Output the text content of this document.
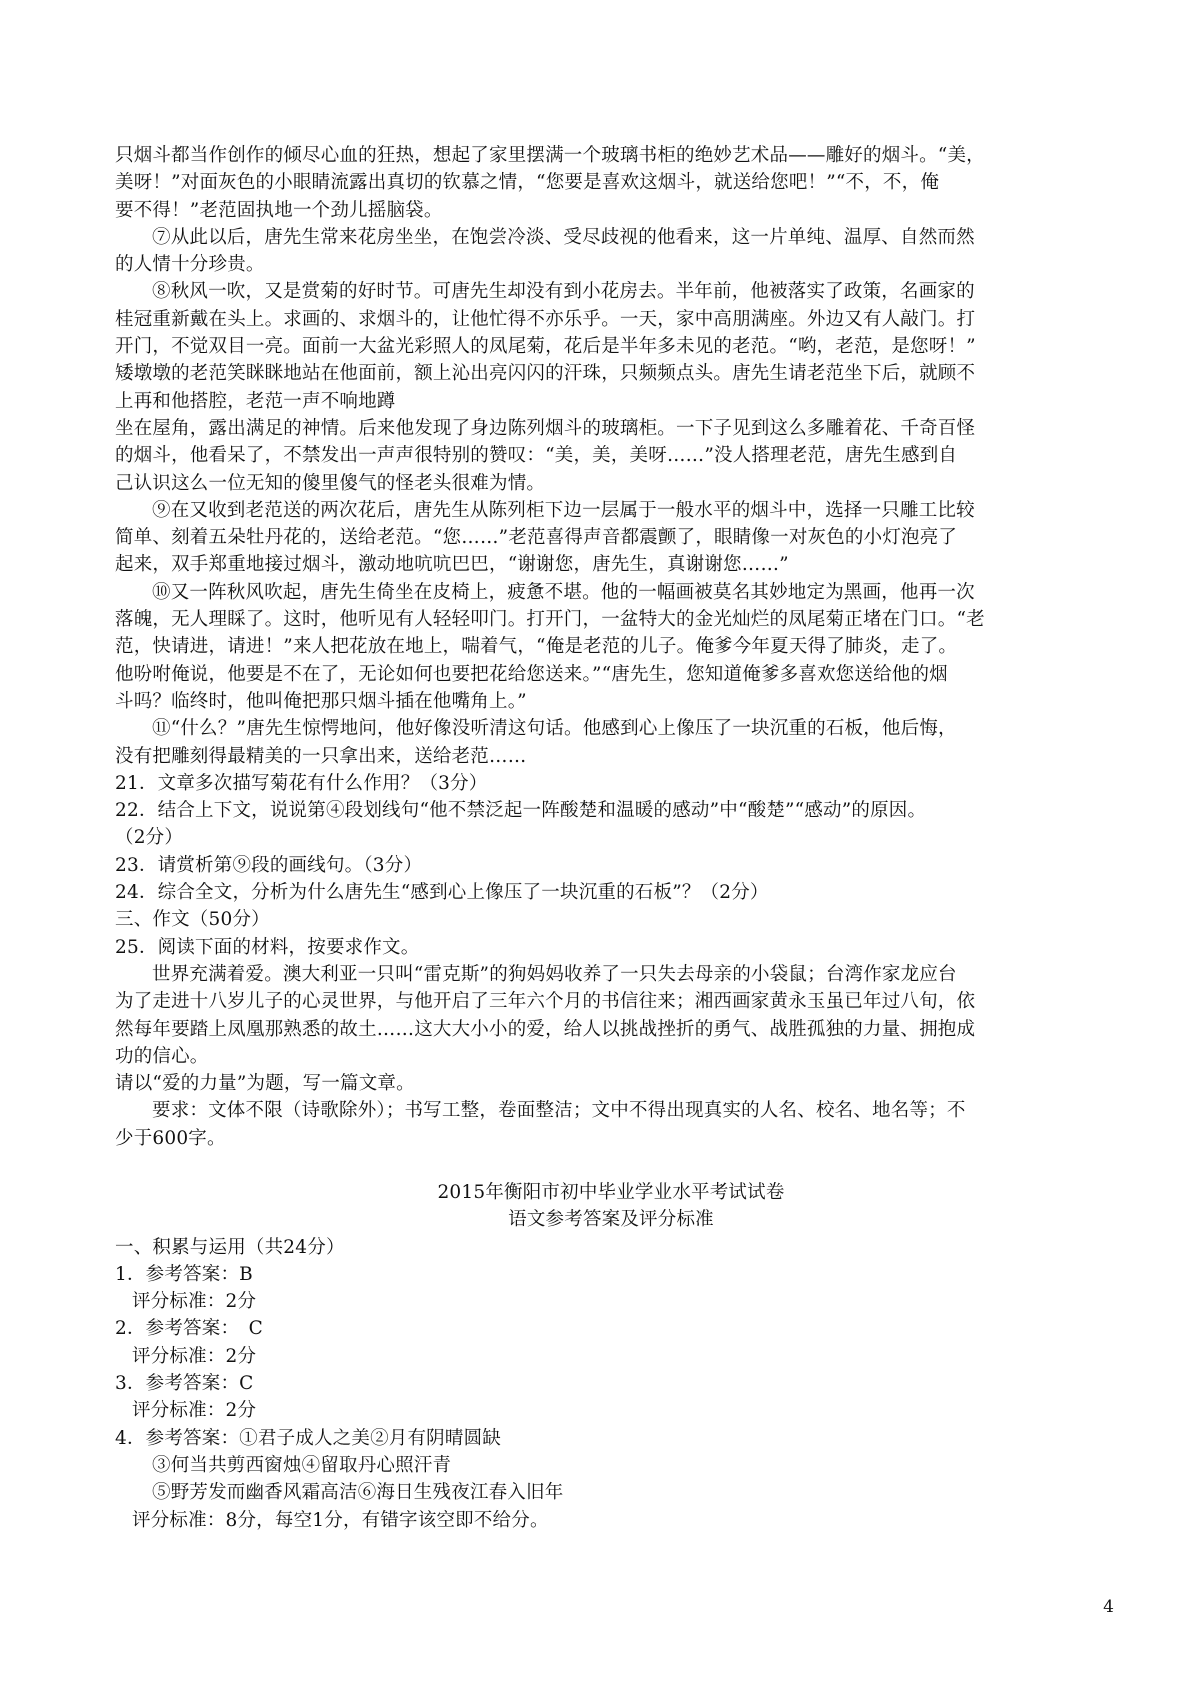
只烟斗都当作创作的倾尽心血的狂热，想起了家里摆满一个玻璃书柜的绝妙艺术品——雕好的烟斗。“美，
美呀！”对面灰色的小眼睛流露出真切的钦慕之情，“您要是喜欢这烟斗，就送给您吧！”“不，不，俺
要不得！”老范固执地一个劲儿摇脑袋。
⑦从此以后，唐先生常来花房坐坐，在饱尝冷淡、受尽歧视的他看来，这一片单纯、温厚、自然而然
的人情十分珍贵。
⑧秋风一吹，又是赏菊的好时节。可唐先生却没有到小花房去。半年前，他被落实了政策，名画家的
桂冠重新戴在头上。求画的、求烟斗的，让他忙得不亦乐乎。一天，家中高朋满座。外边又有人敲门。打
开门，不觉双目一亮。面前一大盆光彩照人的凤尾菊，花后是半年多未见的老范。“哟，老范，是您呀！”
矮墩墩的老范笑眯眯地站在他面前，额上沁出亮闪闪的汗珠，只频频点头。唐先生请老范坐下后，就顾不
上再和他搭腔，老范一声不响地蹲
坐在屋角，露出满足的神情。后来他发现了身边陈列烟斗的玻璃柜。一下子见到这么多雕着花、千奇百怪
的烟斗，他看呆了，不禁发出一声声很特别的赞叹：“美，美，美呀……”没人搭理老范，唐先生感到自
己认识这么一位无知的傻里傻气的怪老头很难为情。
⑨在又收到老范送的两次花后，唐先生从陈列柜下边一层属于一般水平的烟斗中，选择一只雕工比较
简单、刻着五朵牡丹花的，送给老范。“您……”老范喜得声音都震颤了，眼睛像一对灰色的小灯泡亮了
起来，双手郑重地接过烟斗，激动地吭吭巴巴，“谢谢您，唐先生，真谢谢您……”
⑩又一阵秋风吹起，唐先生倚坐在皮椅上，疲惫不堪。他的一幅画被莫名其妙地定为黑画，他再一次
落魄，无人理睬了。这时，他听见有人轻轻叩门。打开门，一盆特大的金光灿烂的凤尾菊正堵在门口。“老
范，快请进，请进！”来人把花放在地上，喘着气，“俺是老范的儿子。俺爹今年夏天得了肺炎，走了。
他吩咐俺说，他要是不在了，无论如何也要把花给您送来。”“唐先生，您知道俺爹多喜欢您送给他的烟
斗吗？临终时，他叫俺把那只烟斗插在他嘴角上。”
⑪“什么？”唐先生惊愕地问，他好像没听清这句话。他感到心上像压了一块沉重的石板，他后悔，
没有把雕刻得最精美的一只拿出来，送给老范……
21．文章多次描写菊花有什么作用？（3分）
22．结合上下文，说说第④段划线句“他不禁泛起一阵酸楚和温暖的感动”中“酸楚”“感动”的原因。
（2分）
23．请赏析第⑨段的画线句。（3分）
24．综合全文，分析为什么唐先生“感到心上像压了一块沉重的石板”？（2分）
三、作文（50分）
25．阅读下面的材料，按要求作文。
世界充满着爱。澳大利亚一只叫“雷克斯”的狗妈妈收养了一只失去母亲的小袋鼠；台湾作家龙应台
为了走进十八岁儿子的心灵世界，与他开启了三年六个月的书信往来；湘西画家黄永玉虽已年过八旬，依
然每年要踏上凤凰那熟悉的故土……这大大小小的爱，给人以挑战挫折的勇气、战胜孤独的力量、拥抱成
功的信心。
请以“爱的力量”为题，写一篇文章。
要求：文体不限（诗歌除外）；书写工整，卷面整洁；文中不得出现真实的人名、校名、地名等；不
少于600字。
2015年衡阳市初中毕业学业水平考试试卷
语文参考答案及评分标准
一、积累与运用（共24分）
1．参考答案：B
评分标准：2分
2．参考答案：　C
评分标准：2分
3．参考答案：C
评分标准：2分
4．参考答案：①君子成人之美②月有阴晴圆缺
③何当共剪西窗烛④留取丹心照汗青
⑤野芳发而幽香风霜高洁⑥海日生残夜江春入旧年
评分标准：8分，每空1分，有错字该空即不给分。
4
